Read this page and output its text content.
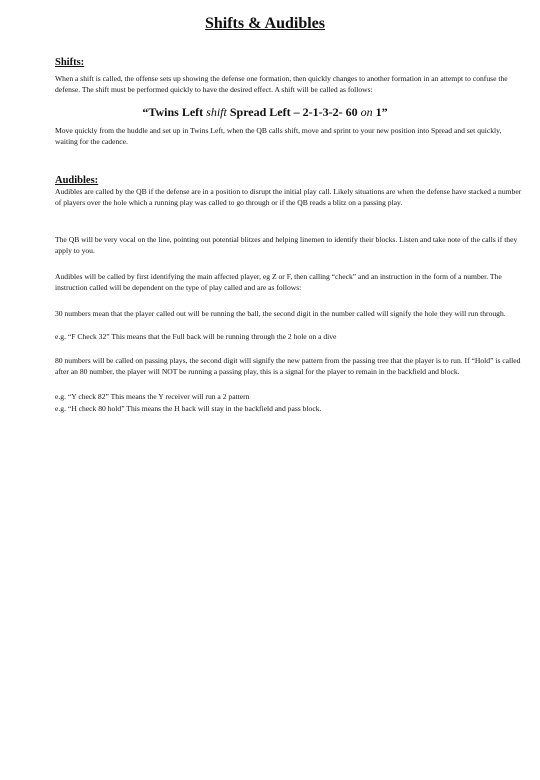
Shifts & Audibles
Shifts:

When a shift is called, the offense sets up showing the defense one formation, then quickly changes to another formation in an attempt to confuse the defense. The shift must be performed quickly to have the desired effect. A shift will be called as follows:

“Twins Left shift Spread Left – 2-1-3-2- 60 on 1”

Move quickly from the huddle and set up in Twins Left, when the QB calls shift, move and sprint to your new position into Spread and set quickly, waiting for the cadence.

Audibles:

Audibles are called by the QB if the defense are in a position to disrupt the initial play call. Likely situations are when the defense have stacked a number of players over the hole which a running play was called to go through or if the QB reads a blitz on a passing play.

The QB will be very vocal on the line, pointing out potential blitzes and helping linemen to identify their blocks. Listen and take note of the calls if they apply to you.

Audibles will be called by first identifying the main affected player, eg Z or F, then calling “check” and an instruction in the form of a number. The instruction called will be dependent on the type of play called and are as follows:

30 numbers mean that the player called out will be running the ball, the second digit in the number called will signify the hole they will run through.

e.g. “F Check 32” This means that the Full back will be running through the 2 hole on a dive

80 numbers will be called on passing plays, the second digit will signify the new pattern from the passing tree that the player is to run. If “Hold” is called after an 80 number, the player will NOT be running a passing play, this is a signal for the player to remain in the backfield and block.

e.g. “Y check 82” This means the Y receiver will run a 2 pattern

e.g. “H check 80 hold” This means the H back will stay in the backfield and pass block.
